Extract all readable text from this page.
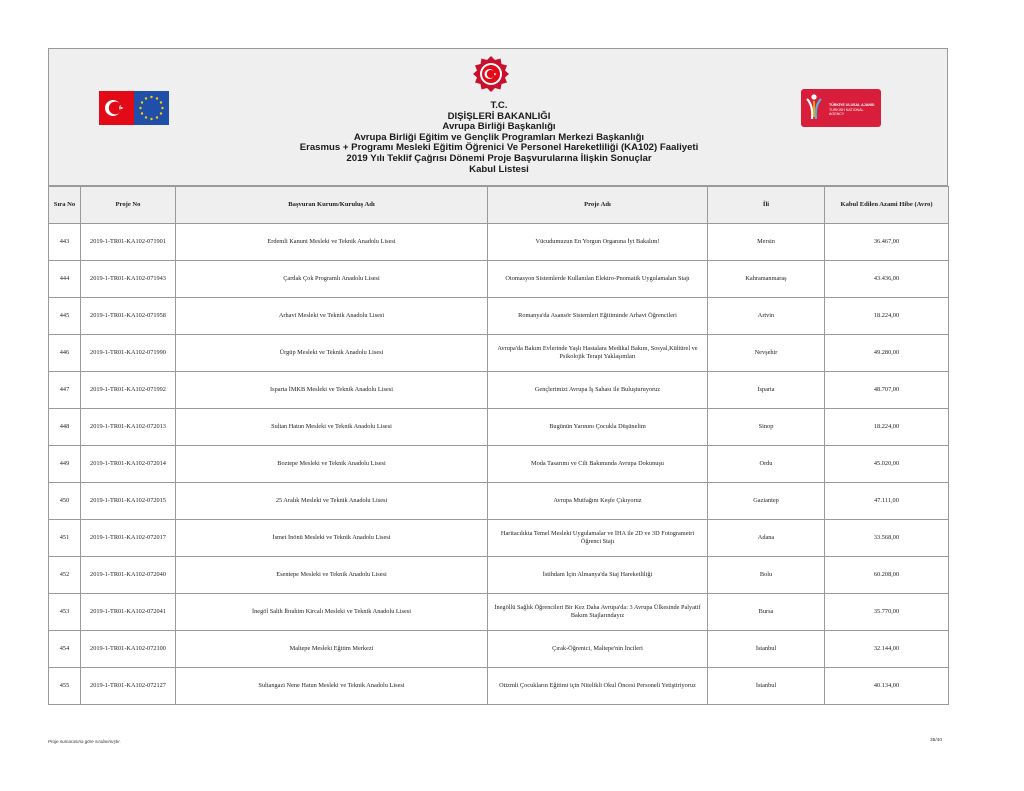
TÜRKİYE ULUSAL AJANSI
TURKISH NATIONAL AGENCY
T.C.
DIŞİŞLERİ BAKANLIĞI
Avrupa Birliği Başkanlığı
Avrupa Birliği Eğitim ve Gençlik Programları Merkezi Başkanlığı
Erasmus + Programı Mesleki Eğitim Öğrenici Ve Personel Hareketliliği (KA102) Faaliyeti
2019 Yılı Teklif Çağrısı Dönemi Proje Başvurularına İlişkin Sonuçlar
Kabul Listesi
Sıra No	Proje No	Başvuran Kurum/Kuruluş Adı	Proje Adı	İli	Kabul Edilen Azami Hibe (Avro)
443	2019-1-TR01-KA102-071901	Erdemli Kanuni Mesleki ve Teknik Anadolu Lisesi	Vücudumuzun En Yorgun Organına İyi Bakalım!	Mersin	36.467,00
444	2019-1-TR01-KA102-071943	Çardak Çok Programlı Anadolu Lisesi	Otomasyon Sistemlerde Kullanılan Elektro-Pnomatik Uygulamaları Stajı	Kahramanmaraş	43.436,00
445	2019-1-TR01-KA102-071958	Arhavi Mesleki ve Teknik Anadolu Lisesi	Romanya'da Asansör Sistemleri Eğitiminde Arhavi Öğrencileri	Artvin	18.224,00
446	2019-1-TR01-KA102-071990	Ürgüp Mesleki ve Teknik Anadolu Lisesi	Avrupa'da Bakım Evlerinde Yaşlı Hastalara Medikal Bakım, Sosyal,Kültürel ve Psikolojik Terapi Yaklaşımları	Nevşehir	49.280,00
447	2019-1-TR01-KA102-071992	Isparta İMKB Mesleki ve Teknik Anadolu Lisesi	Gençlerimizi Avrupa İş Sahası ile Buluşturuyoruz	Isparta	48.707,00
448	2019-1-TR01-KA102-072013	Sultan Hatun Mesleki ve Teknik Anadolu Lisesi	Bugünün Yarınını Çocukla Düşünelim	Sinop	18.224,00
449	2019-1-TR01-KA102-072014	Boztepe Mesleki ve Teknik Anadolu Lisesi	Moda Tasarımı ve Cilt Bakımında Avrupa Dokunuşu	Ordu	45.020,00
450	2019-1-TR01-KA102-072015	25 Aralık Mesleki ve Teknik Anadolu Lisesi	Avrupa Mutfağını Keşfe Çıkıyoruz	Gaziantep	47.111,00
451	2019-1-TR01-KA102-072017	İsmet İnönü Mesleki ve Teknik Anadolu Lisesi	Haritacılıkta Temel Mesleki Uygulamalar ve İHA ile 2D ve 3D Fotogrametri Öğrenci Stajı	Adana	33.568,00
452	2019-1-TR01-KA102-072040	Esentepe Mesleki ve Teknik Anadolu Lisesi	İstihdam İçin Almanya'da Staj Hareketliliği	Bolu	60.208,00
453	2019-1-TR01-KA102-072041	İnegöl Salih İbrahim Kircalı Mesleki ve Teknik Anadolu Lisesi	İnegöllü Sağlık Öğrencileri Bir Kez Daha Avrupa'da: 3 Avrupa Ülkesinde Palyatif Bakım Stajlarındayız	Bursa	35.770,00
454	2019-1-TR01-KA102-072100	Maltepe Mesleki Eğitim Merkezi	Çırak-Öğrenici, Maltepe'nin İncileri	İstanbul	32.144,00
455	2019-1-TR01-KA102-072127	Sultangazi Nene Hatun Mesleki ve Teknik Anadolu Lisesi	Otizmli Çocukların Eğitimi için Nitelikli Okul Öncesi Personeli Yetiştiriyoruz	İstanbul	40.134,00
Proje numarasına göre sıralanmıştır.	35/40
